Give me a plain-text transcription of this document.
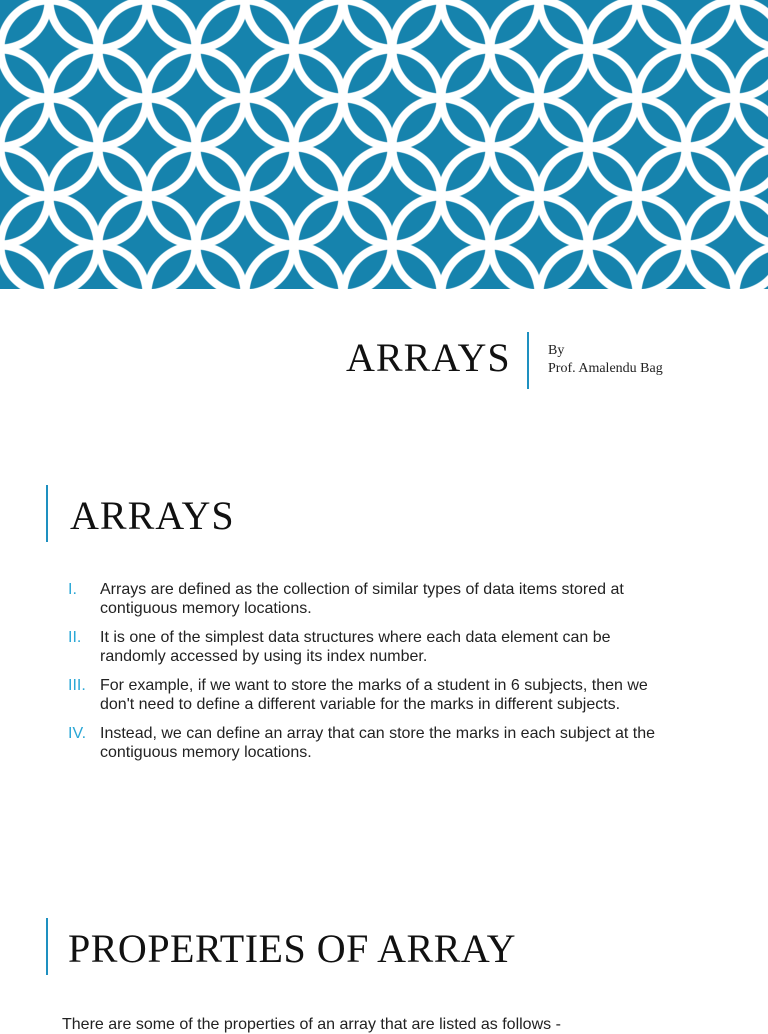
ARRAYS	By
Prof. Amalendu Bag
ARRAYS
I.	Arrays are defined as the collection of similar types of data items stored at contiguous memory locations.
II.	It is one of the simplest data structures where each data element can be randomly accessed by using its index number.
III. For example, if we want to store the marks of a student in 6 subjects, then we don't need to define a different variable for the marks in different subjects.
IV. Instead, we can define an array that can store the marks in each subject at the contiguous memory locations.
PROPERTIES OF ARRAY
There are some of the properties of an array that are listed as follows -
